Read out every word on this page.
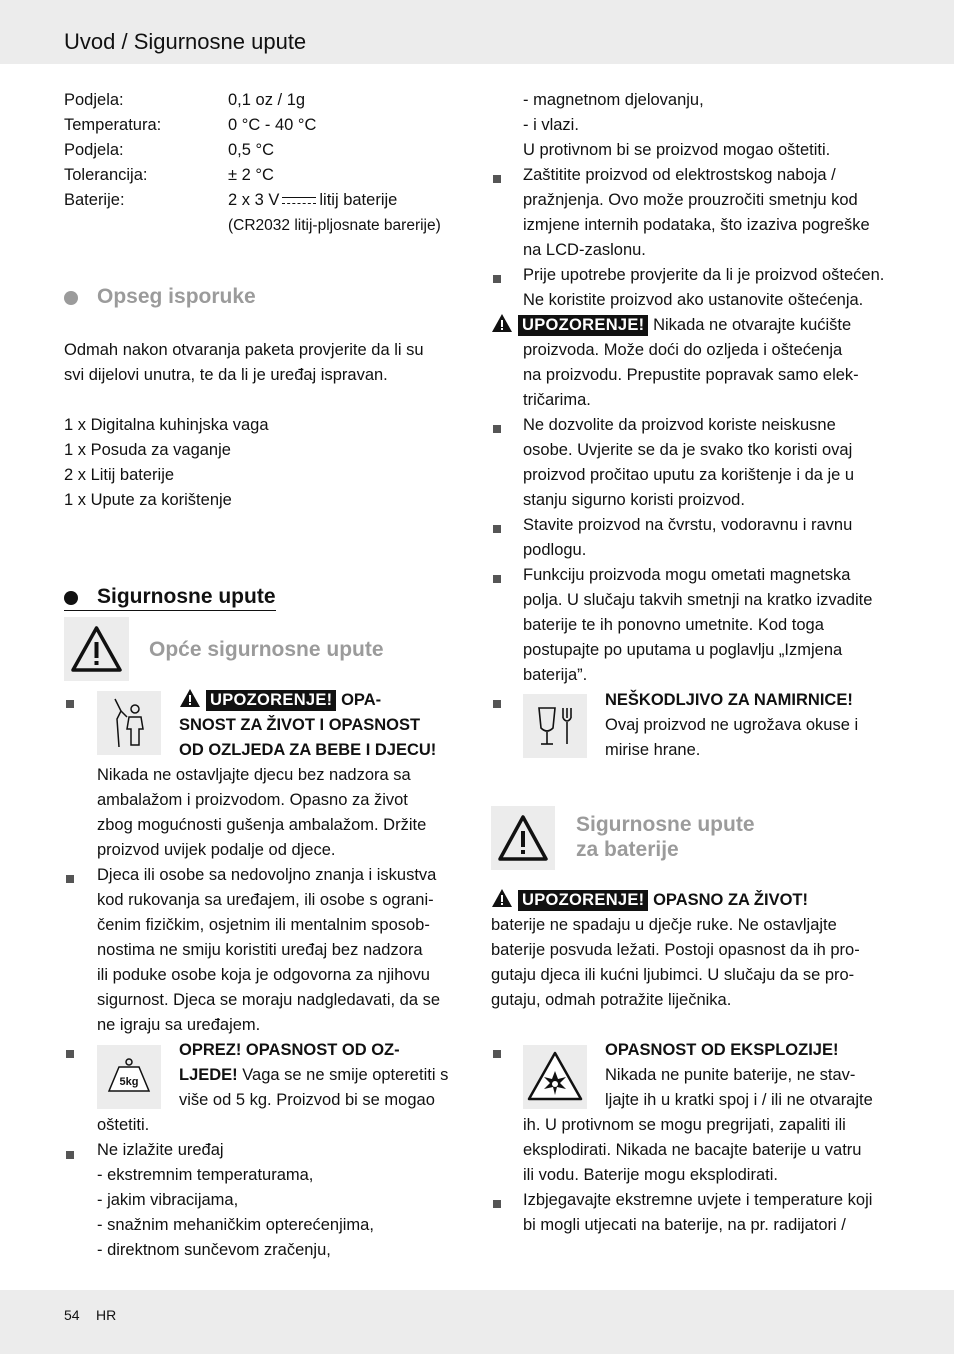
Uvod / Sigurnosne upute
Podjela:	0,1 oz / 1g
Temperatura:	0 °C - 40 °C
Podjela:	0,5 °C
Tolerancija:	± 2 °C
Baterije:	2 x 3 V litij baterije
(CR2032 litij-pljosnate barerije)
Opseg isporuke
Odmah nakon otvaranja paketa provjerite da li su
svi dijelovi unutra, te da li je uređaj ispravan.
1 x Digitalna kuhinjska vaga
1 x Posuda za vaganje
2 x Litij baterije
1 x Upute za korištenje
Sigurnosne upute
Opće sigurnosne upute
UPOZORENJE! OPA-
SNOST ZA ŽIVOT I OPASNOST
OD OZLJEDA ZA BEBE I DJECU!
Nikada ne ostavljajte djecu bez nadzora sa
ambalažom i proizvodom. Opasno za život
zbog mogućnosti gušenja ambalažom. Držite
proizvod uvijek podalje od djece.
Djeca ili osobe sa nedovoljno znanja i iskustva
kod rukovanja sa uređajem, ili osobe s ograni-
čenim fizičkim, osjetnim ili mentalnim sposob-
nostima ne smiju koristiti uređaj bez nadzora
ili poduke osobe koja je odgovorna za njihovu
sigurnost. Djeca se moraju nadgledavati, da se
ne igraju sa uređajem.
5kg
OPREZ! OPASNOST OD OZ-
LJEDE! Vaga se ne smije opteretiti s
više od 5 kg. Proizvod bi se mogao
oštetiti.
Ne izlažite uređaj
- ekstremnim temperaturama,
- jakim vibracijama,
- snažnim mehaničkim opterećenjima,
- direktnom sunčevom zračenju,
- magnetnom djelovanju,
- i vlazi.
U protivnom bi se proizvod mogao oštetiti.
Zaštitite proizvod od elektrostskog naboja /
pražnjenja. Ovo može prouzročiti smetnju kod
izmjene internih podataka, što izaziva pogreške
na LCD-zaslonu.
Prije upotrebe provjerite da li je proizvod oštećen.
Ne koristite proizvod ako ustanovite oštećenja.
UPOZORENJE! Nikada ne otvarajte kućište
proizvoda. Može doći do ozljeda i oštećenja
na proizvodu. Prepustite popravak samo elek-
tričarima.
Ne dozvolite da proizvod koriste neiskusne
osobe. Uvjerite se da je svako tko koristi ovaj
proizvod pročitao uputu za korištenje i da je u
stanju sigurno koristi proizvod.
Stavite proizvod na čvrstu, vodoravnu i ravnu
podlogu.
Funkciju proizvoda mogu ometati magnetska
polja. U slučaju takvih smetnji na kratko izvadite
baterije te ih ponovno umetnite. Kod toga
postupajte po uputama u poglavlju „Izmjena
baterija”.
NEŠKODLJIVO ZA NAMIRNICE!
Ovaj proizvod ne ugrožava okuse i
mirise hrane.
Sigurnosne upute
za baterije
UPOZORENJE! OPASNO ZA ŽIVOT!
baterije ne spadaju u dječje ruke. Ne ostavljajte
baterije posvuda ležati. Postoji opasnost da ih pro-
gutaju djeca ili kućni ljubimci. U slučaju da se pro-
gutaju, odmah potražite liječnika.
OPASNOST OD EKSPLOZIJE!
Nikada ne punite baterije, ne stav-
ljajte ih u kratki spoj i / ili ne otvarajte
ih. U protivnom se mogu pregrijati, zapaliti ili
eksplodirati. Nikada ne bacajte baterije u vatru
ili vodu. Baterije mogu eksplodirati.
Izbjegavajte ekstremne uvjete i temperature koji
bi mogli utjecati na baterije, na pr. radijatori /
54 HR
